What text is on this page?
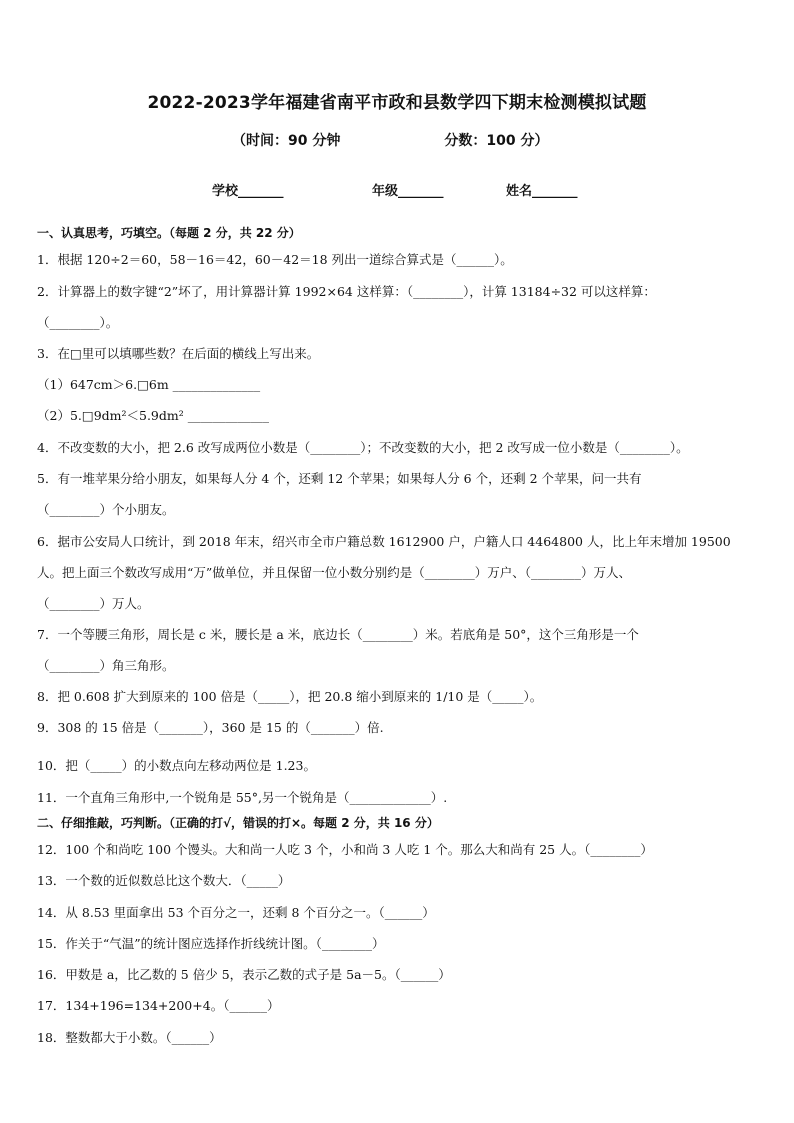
2022-2023学年福建省南平市政和县数学四下期末检测模拟试题
（时间：90 分钟	分数：100 分）
学校_______	年级_______	姓名_______
一、认真思考，巧填空。（每题 2 分，共 22 分）
1．根据 120÷2＝60，58－16＝42，60－42＝18 列出一道综合算式是（______）。
2．计算器上的数字键“2”坏了，用计算器计算 1992×64 这样算：（________），计算 13184÷32 可以这样算：
（________）。
3．在□里可以填哪些数？在后面的横线上写出来。
（1）647cm＞6.□6m ______________
（2）5.□9dm²＜5.9dm² _____________
4．不改变数的大小，把 2.6 改写成两位小数是（________）；不改变数的大小，把 2 改写成一位小数是（________）。
5．有一堆苹果分给小朋友，如果每人分 4 个，还剩 12 个苹果；如果每人分 6 个，还剩 2 个苹果，问一共有
（________）个小朋友。
6．据市公安局人口统计，到 2018 年末，绍兴市全市户籍总数 1612900 户，户籍人口 4464800 人，比上年末增加 19500
人。把上面三个数改写成用“万”做单位，并且保留一位小数分别约是（________）万户、（________）万人、
（________）万人。
7．一个等腰三角形，周长是 c 米，腰长是 a 米，底边长（________）米。若底角是 50°，这个三角形是一个
（________）角三角形。
8．把 0.608 扩大到原来的 100 倍是（_____），把 20.8 缩小到原来的 1/10 是（_____）。
9．308 的 15 倍是（_______），360 是 15 的（_______）倍.
10．把（_____）的小数点向左移动两位是 1.23。
11．一个直角三角形中,一个锐角是 55°,另一个锐角是（_____________）.
二、仔细推敲，巧判断。（正确的打√，错误的打×。每题 2 分，共 16 分）
12．100 个和尚吃 100 个馒头。大和尚一人吃 3 个，小和尚 3 人吃 1 个。那么大和尚有 25 人。（________）
13．一个数的近似数总比这个数大．（_____）
14．从 8.53 里面拿出 53 个百分之一，还剩 8 个百分之一。（______）
15．作关于“气温”的统计图应选择作折线统计图。（________）
16．甲数是 a，比乙数的 5 倍少 5，表示乙数的式子是 5a－5。（______）
17．134+196=134+200+4。（______）
18．整数都大于小数。（______）
